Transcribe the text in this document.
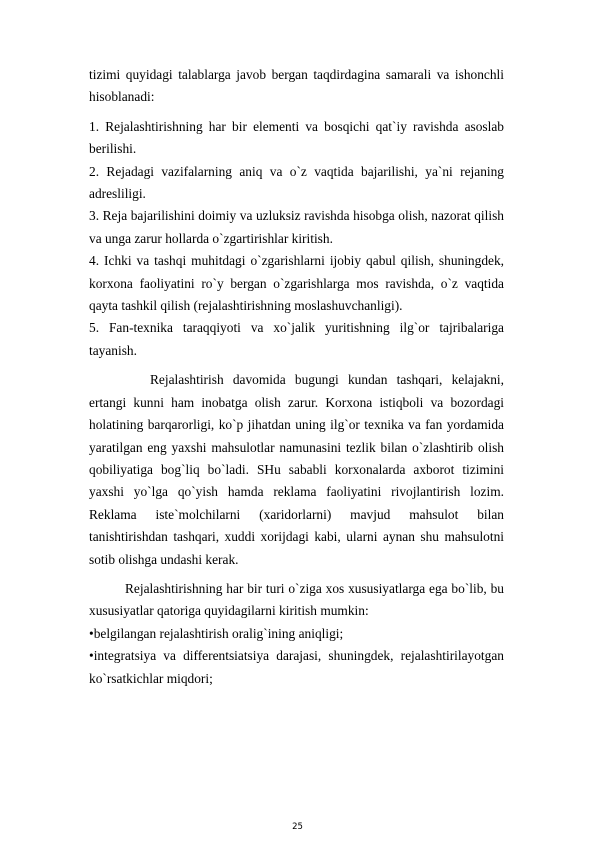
tizimi quyidagi talablarga javob bergan taqdirdagina samarali va ishonchli hisoblanadi:

1. Rejalashtirishning har bir elementi va bosqichi qat`iy ravishda asoslab berilishi.

2. Rejadagi vazifalarning aniq va o`z vaqtida bajarilishi, ya`ni rejaning adresliligi.

3. Reja bajarilishini doimiy va uzluksiz ravishda hisobga olish, nazorat qilish va unga zarur hollarda o`zgartirishlar kiritish.

4. Ichki va tashqi muhitdagi o`zgarishlarni ijobiy qabul qilish, shuningdek, korxona faoliyatini ro`y bergan o`zgarishlarga mos ravishda, o`z vaqtida qayta tashkil qilish (rejalashtirishning moslashuvchanligi).

5. Fan-texnika taraqqiyoti va xo`jalik yuritishning ilg`or tajribalariga tayanish.

Rejalashtirish davomida bugungi kundan tashqari, kelajakni, ertangi kunni ham inobatga olish zarur. Korxona istiqboli va bozordagi holatining barqarorligi, ko`p jihatdan uning ilg`or texnika va fan yordamida yaratilgan eng yaxshi mahsulotlar namunasini tezlik bilan o`zlashtirib olish qobiliyatiga bog`liq bo`ladi. SHu sababli korxonalarda axborot tizimini yaxshi yo`lga qo`yish hamda reklama faoliyatini rivojlantirish lozim. Reklama iste`molchilarni (xaridorlarni) mavjud mahsulot bilan tanishtirishdan tashqari, xuddi xorijdagi kabi, ularni aynan shu mahsulotni sotib olishga undashi kerak.

Rejalashtirishning har bir turi o`ziga xos xususiyatlarga ega bo`lib, bu xususiyatlar qatoriga quyidagilarni kiritish mumkin:

•belgilangan rejalashtirish oralig`ining aniqligi;

•integratsiya va differentsiatsiya darajasi, shuningdek, rejalashtirilayotgan ko`rsatkichlar miqdori;

25
